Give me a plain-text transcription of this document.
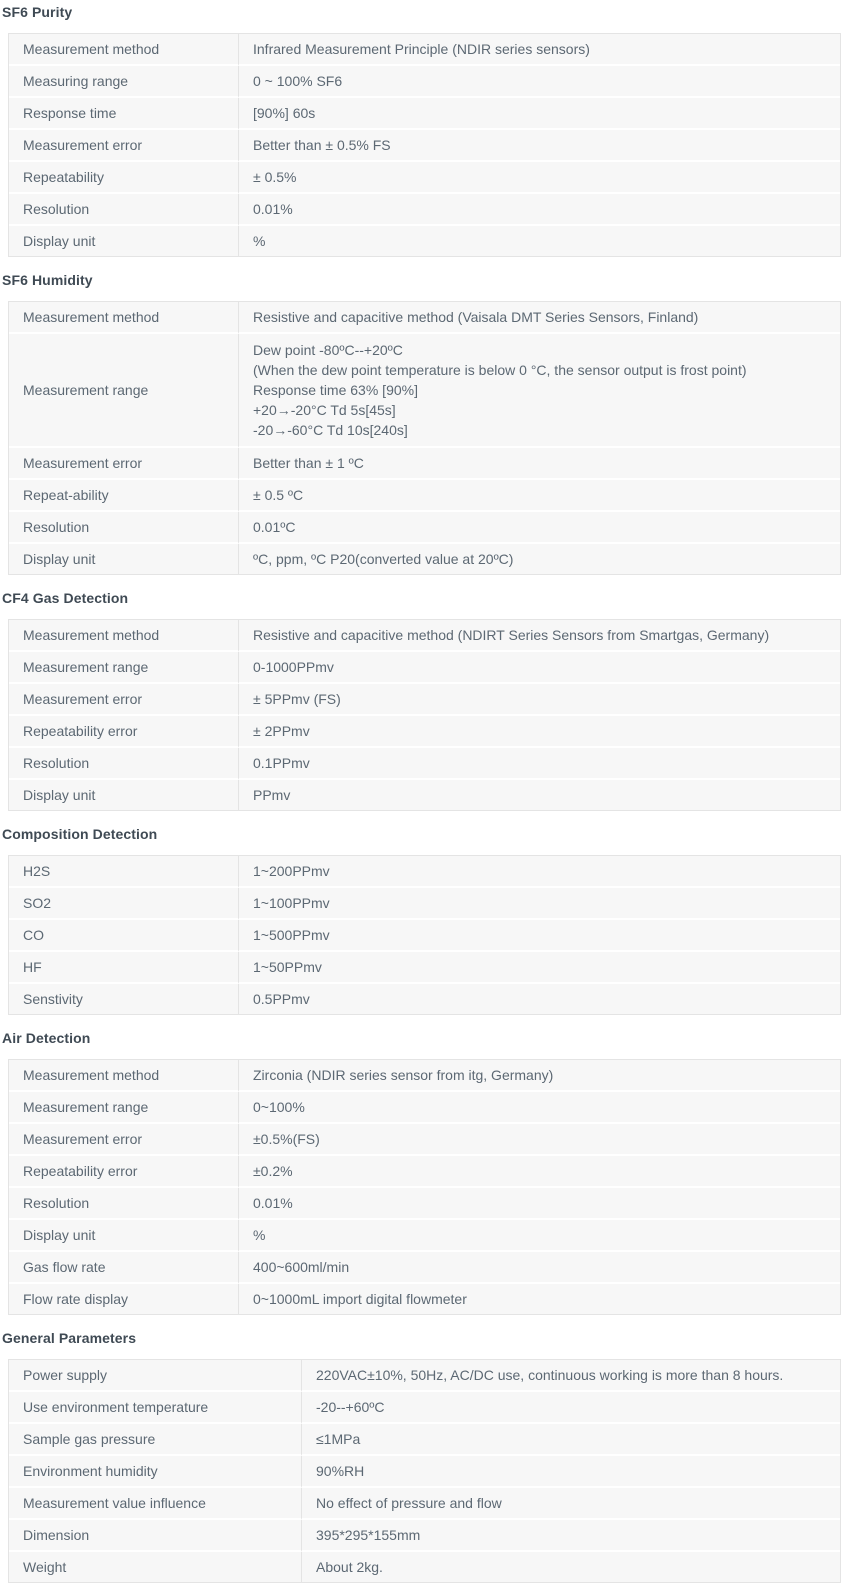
SF6 Purity
Measurement method	Infrared Measurement Principle (NDIR series sensors)
Measuring range	0 ~ 100% SF6
Response time	[90%] 60s
Measurement error	Better than ± 0.5% FS
Repeatability	± 0.5%
Resolution	0.01%
Display unit	%
SF6 Humidity
Measurement method	Resistive and capacitive method (Vaisala DMT Series Sensors, Finland)
Measurement range	Dew point -80ºC--+20ºC
(When the dew point temperature is below 0 °C, the sensor output is frost point)
Response time 63% [90%]
+20→-20°C Td 5s[45s]
-20→-60°C Td 10s[240s]

Measurement error	Better than ± 1 ºC
Repeat-ability	± 0.5 ºC
Resolution	0.01ºC
Display unit	ºC, ppm, ºC P20(converted value at 20ºC)
CF4 Gas Detection
Measurement method	Resistive and capacitive method (NDIRT Series Sensors from Smartgas, Germany)
Measurement range	0-1000PPmv
Measurement error	± 5PPmv (FS)
Repeatability error	± 2PPmv
Resolution	0.1PPmv
Display unit	PPmv
Composition Detection
H2S	1~200PPmv
SO2	1~100PPmv
CO	1~500PPmv
HF	1~50PPmv
Senstivity	0.5PPmv
Air Detection
Measurement method	Zirconia (NDIR series sensor from itg, Germany)
Measurement range	0~100%
Measurement error	±0.5%(FS)
Repeatability error	±0.2%
Resolution	0.01%
Display unit	%
Gas flow rate	400~600ml/min
Flow rate display	0~1000mL import digital flowmeter
General Parameters
Power supply	220VAC±10%, 50Hz, AC/DC use, continuous working is more than 8 hours.
Use environment temperature	-20--+60ºC
Sample gas pressure	≤1MPa
Environment humidity	90%RH
Measurement value influence	No effect of pressure and flow
Dimension	395*295*155mm
Weight	About 2kg.
